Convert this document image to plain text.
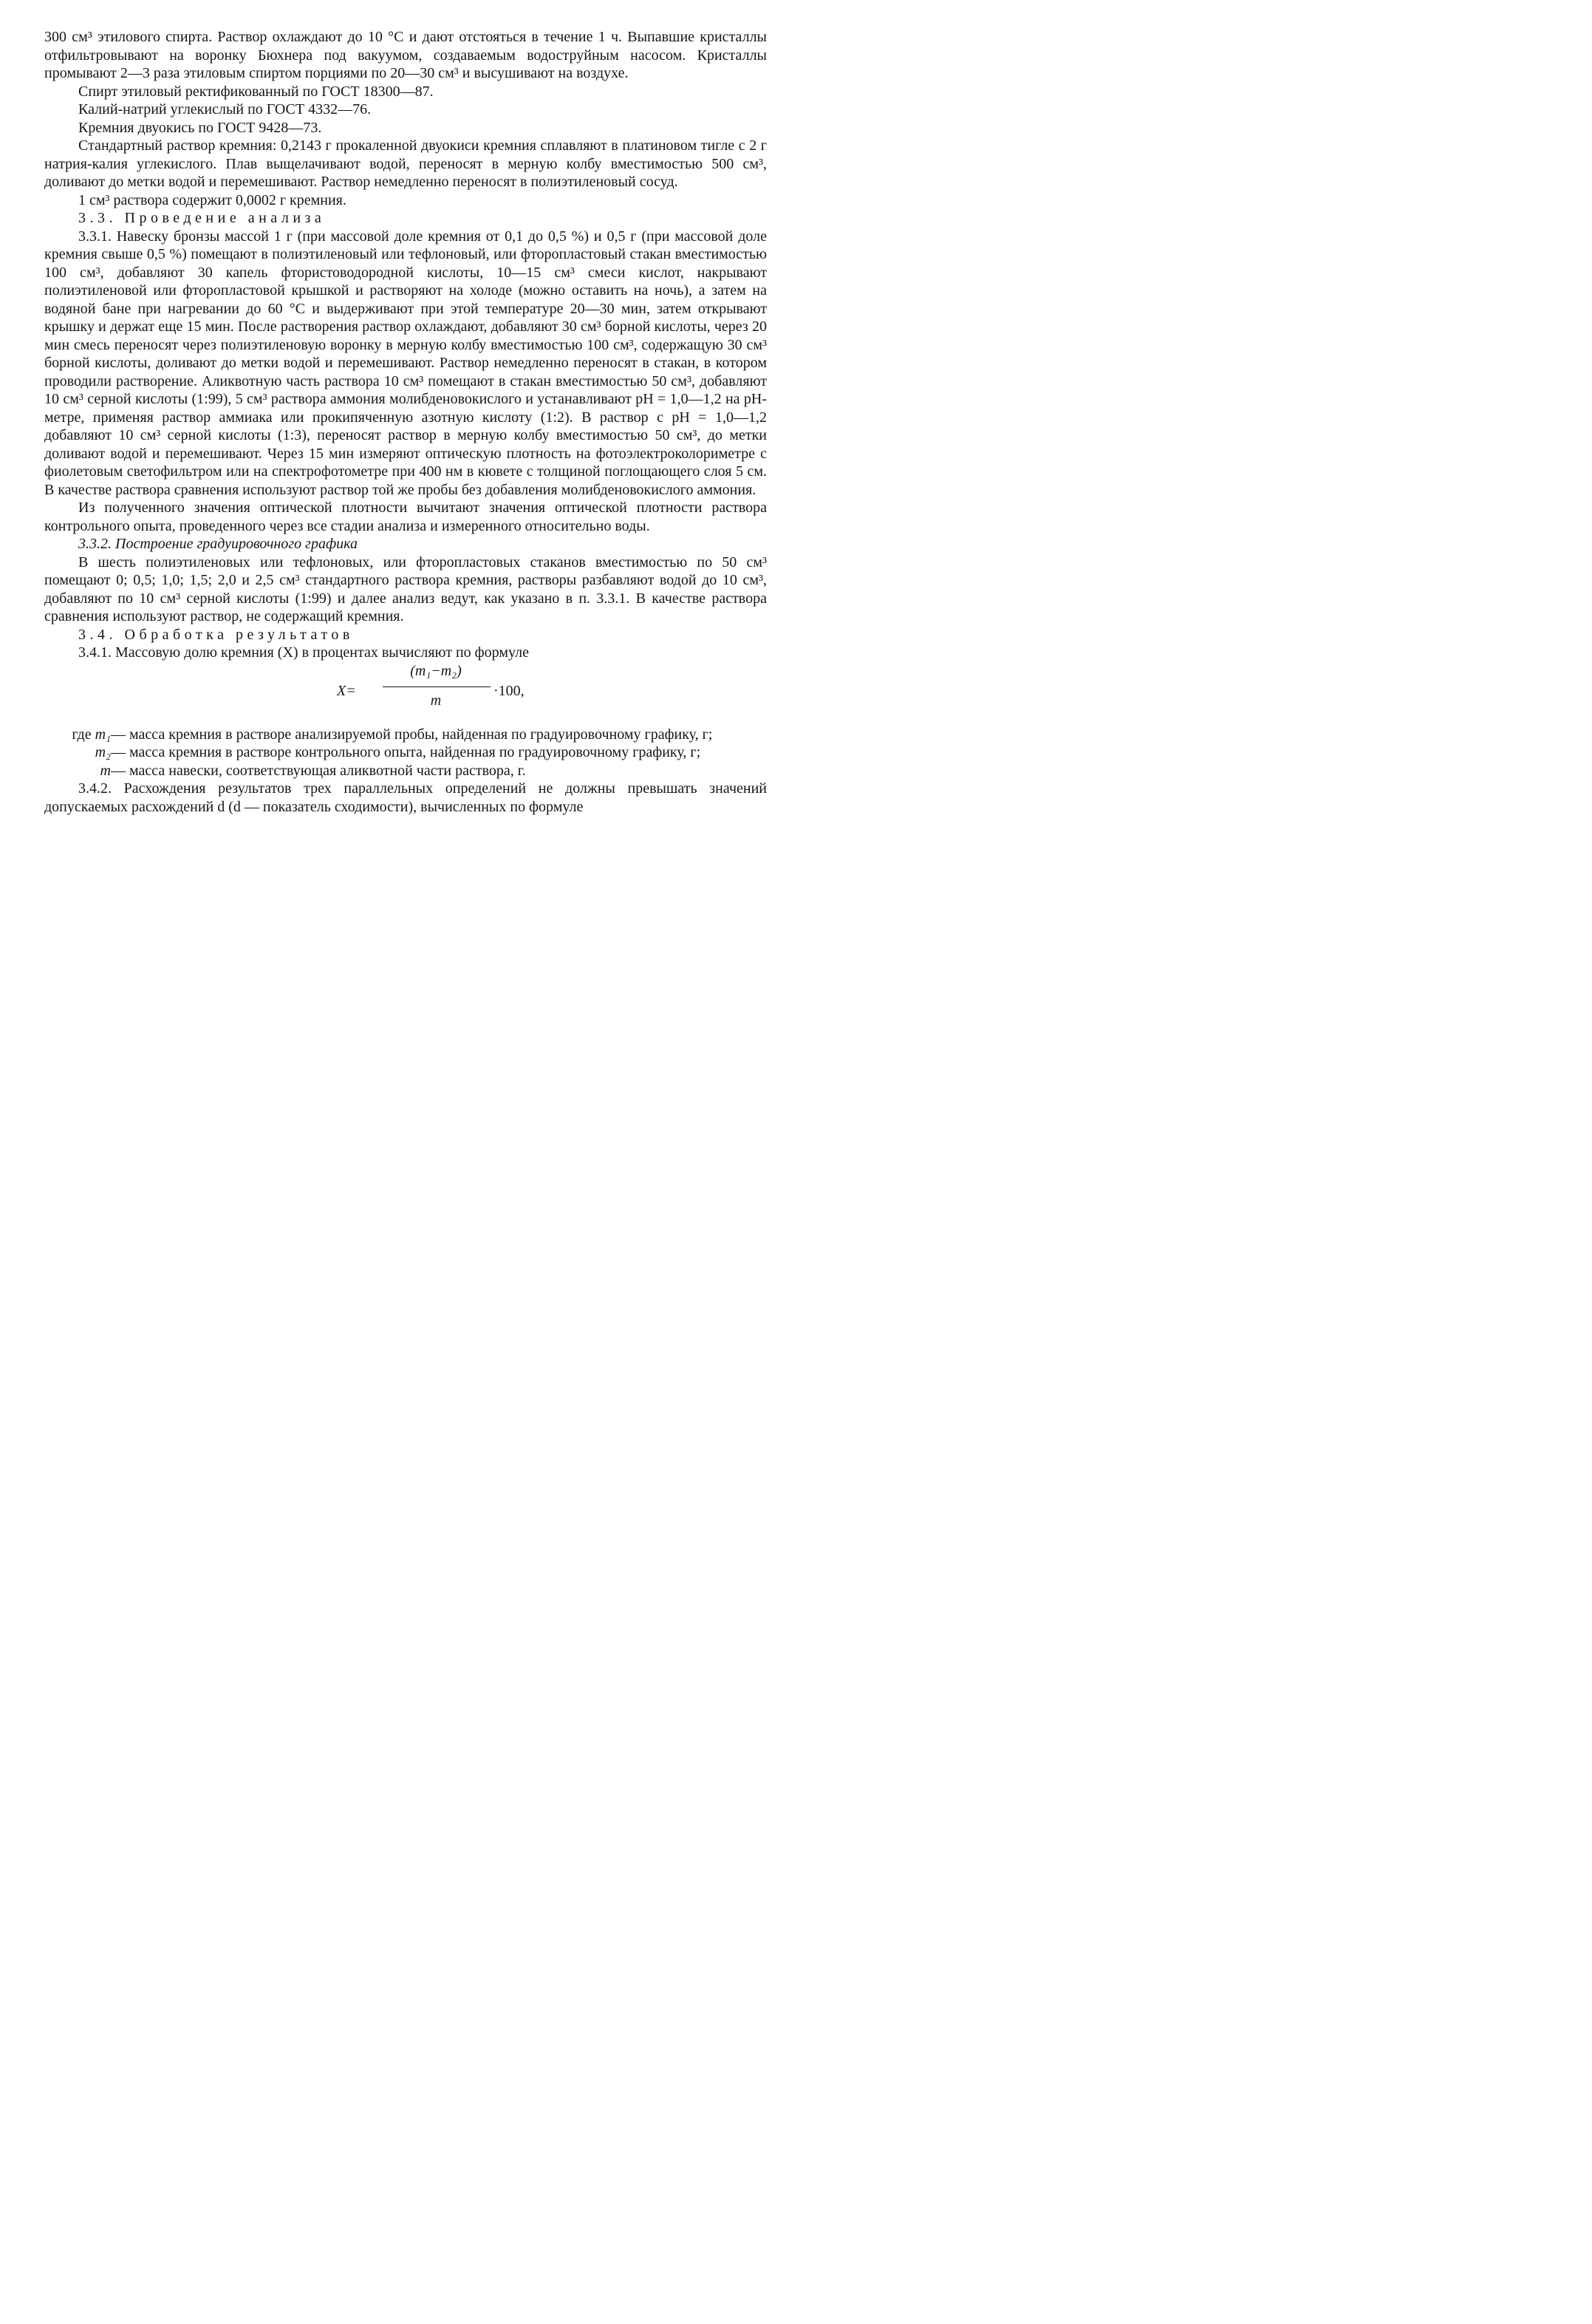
300 см³ этилового спирта. Раствор охлаждают до 10 °С и дают отстояться в течение 1 ч. Выпавшие кристаллы отфильтровывают на воронку Бюхнера под вакуумом, создаваемым водоструйным насосом. Кристаллы промывают 2—3 раза этиловым спиртом порциями по 20—30 см³ и высушивают на воздухе.

Спирт этиловый ректификованный по ГОСТ 18300—87.

Калий-натрий углекислый по ГОСТ 4332—76.

Кремния двуокись по ГОСТ 9428—73.

Стандартный раствор кремния: 0,2143 г прокаленной двуокиси кремния сплавляют в платиновом тигле с 2 г натрия-калия углекислого. Плав выщелачивают водой, переносят в мерную колбу вместимостью 500 см³, доливают до метки водой и перемешивают. Раствор немедленно переносят в полиэтиленовый сосуд.

1 см³ раствора содержит 0,0002 г кремния.

3.3. Проведение анализа

3.3.1. Навеску бронзы массой 1 г (при массовой доле кремния от 0,1 до 0,5 %) и 0,5 г (при массовой доле кремния свыше 0,5 %) помещают в полиэтиленовый или тефлоновый, или фторопластовый стакан вместимостью 100 см³, добавляют 30 капель фтористоводородной кислоты, 10—15 см³ смеси кислот, накрывают полиэтиленовой или фторопластовой крышкой и растворяют на холоде (можно оставить на ночь), а затем на водяной бане при нагревании до 60 °С и выдерживают при этой температуре 20—30 мин, затем открывают крышку и держат еще 15 мин. После растворения раствор охлаждают, добавляют 30 см³ борной кислоты, через 20 мин смесь переносят через полиэтиленовую воронку в мерную колбу вместимостью 100 см³, содержащую 30 см³ борной кислоты, доливают до метки водой и перемешивают. Раствор немедленно переносят в стакан, в котором проводили растворение. Аликвотную часть раствора 10 см³ помещают в стакан вместимостью 50 см³, добавляют 10 см³ серной кислоты (1:99), 5 см³ раствора аммония молибденовокислого и устанавливают pH = 1,0—1,2 на pH-метре, применяя раствор аммиака или прокипяченную азотную кислоту (1:2). В раствор с pH = 1,0—1,2 добавляют 10 см³ серной кислоты (1:3), переносят раствор в мерную колбу вместимостью 50 см³, до метки доливают водой и перемешивают. Через 15 мин измеряют оптическую плотность на фотоэлектроколориметре с фиолетовым светофильтром или на спектрофотометре при 400 нм в кювете с толщиной поглощающего слоя 5 см. В качестве раствора сравнения используют раствор той же пробы без добавления молибденовокислого аммония.

Из полученного значения оптической плотности вычитают значения оптической плотности раствора контрольного опыта, проведенного через все стадии анализа и измеренного относительно воды.

3.3.2. Построение градуировочного графика

В шесть полиэтиленовых или тефлоновых, или фторопластовых стаканов вместимостью по 50 см³ помещают 0; 0,5; 1,0; 1,5; 2,0 и 2,5 см³ стандартного раствора кремния, растворы разбавляют водой до 10 см³, добавляют по 10 см³ серной кислоты (1:99) и далее анализ ведут, как указано в п. 3.3.1. В качестве раствора сравнения используют раствор, не содержащий кремния.

3.4. Обработка результатов

3.4.1. Массовую долю кремния (X) в процентах вычисляют по формуле

X=
(m₁−m₂)
m
·100,
где m₁ — масса кремния в растворе анализируемой пробы, найденная по градуировочному графику, г;

m₂ — масса кремния в растворе контрольного опыта, найденная по градуировочному графику, г;

m — масса навески, соответствующая аликвотной части раствора, г.

3.4.2. Расхождения результатов трех параллельных определений не должны превышать значений допускаемых расхождений d (d — показатель сходимости), вычисленных по формуле
